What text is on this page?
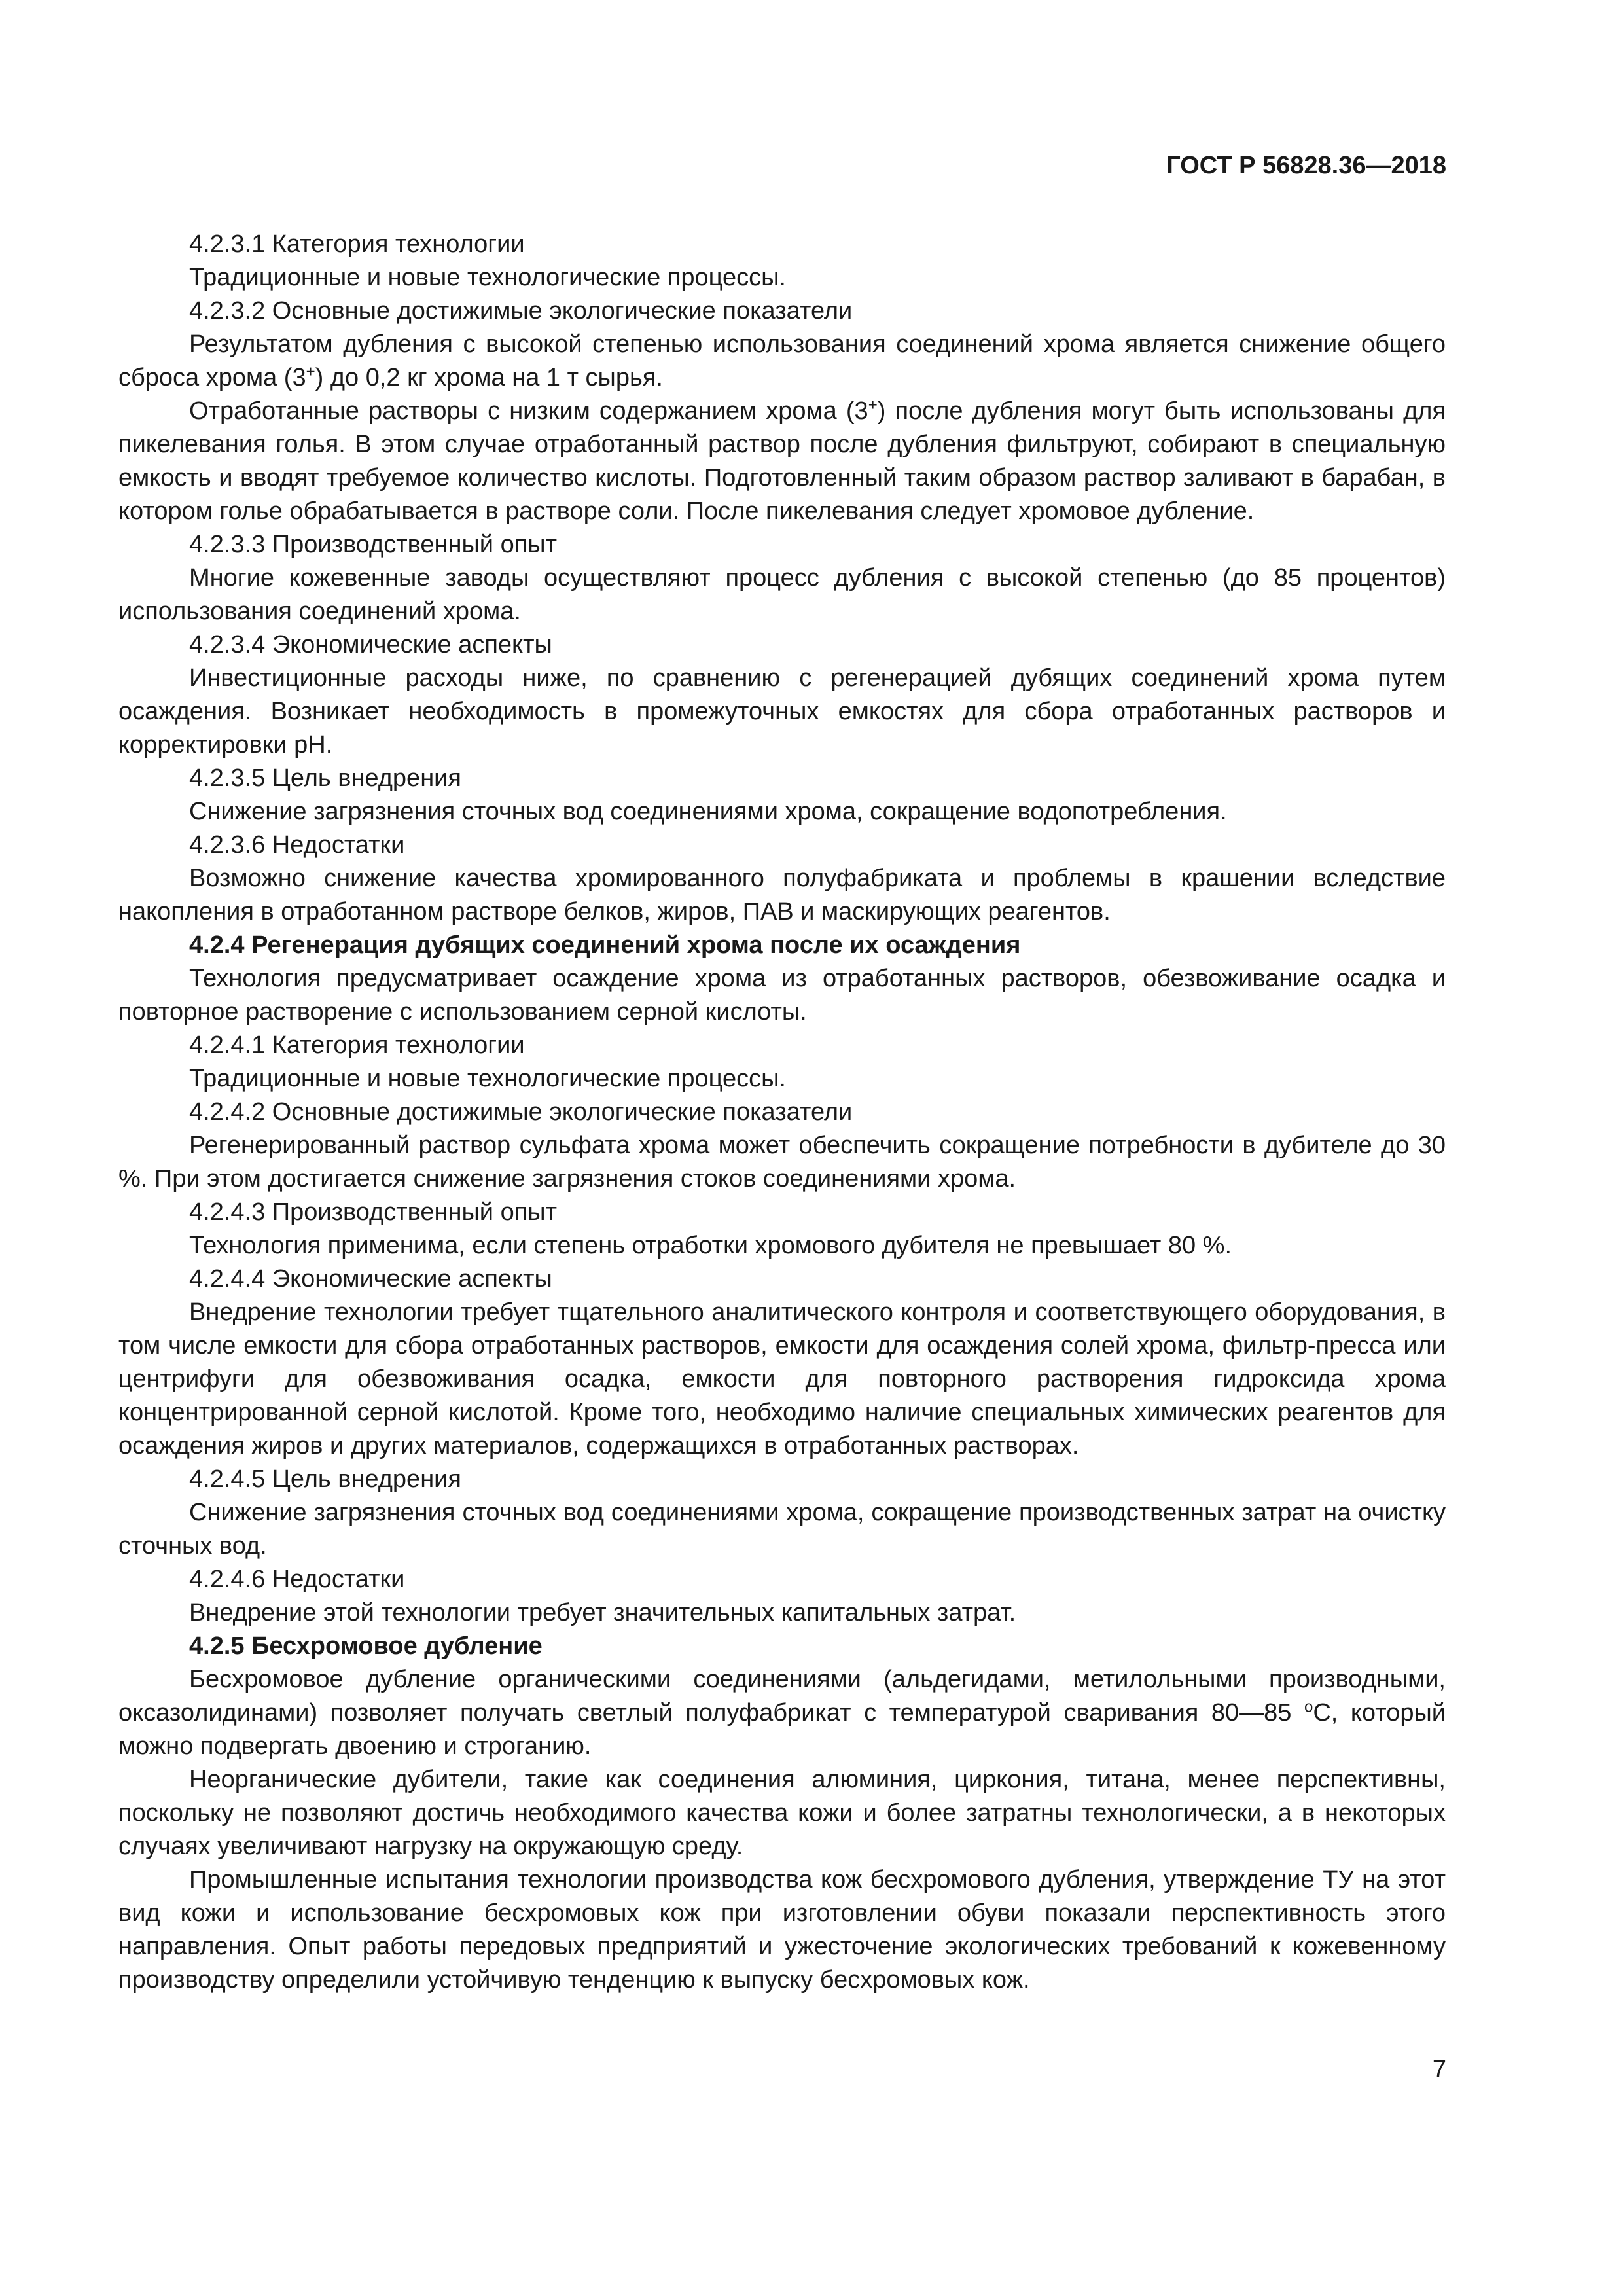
ГОСТ Р 56828.36—2018

4.2.3.1 Категория технологии

Традиционные и новые технологические процессы.

4.2.3.2 Основные достижимые экологические показатели

Результатом дубления с высокой степенью использования соединений хрома является снижение общего сброса хрома (3+) до 0,2 кг хрома на 1 т сырья.

Отработанные растворы с низким содержанием хрома (3+) после дубления могут быть использованы для пикелевания голья. В этом случае отработанный раствор после дубления фильтруют, собирают в специальную емкость и вводят требуемое количество кислоты. Подготовленный таким образом раствор заливают в барабан, в котором голье обрабатывается в растворе соли. После пикелевания следует хромовое дубление.

4.2.3.3 Производственный опыт

Многие кожевенные заводы осуществляют процесс дубления с высокой степенью (до 85 процентов) использования соединений хрома.

4.2.3.4 Экономические аспекты

Инвестиционные расходы ниже, по сравнению с регенерацией дубящих соединений хрома путем осаждения. Возникает необходимость в промежуточных емкостях для сбора отработанных растворов и корректировки pH.

4.2.3.5 Цель внедрения

Снижение загрязнения сточных вод соединениями хрома, сокращение водопотребления.

4.2.3.6 Недостатки

Возможно снижение качества хромированного полуфабриката и проблемы в крашении вследствие накопления в отработанном растворе белков, жиров, ПАВ и маскирующих реагентов.

4.2.4 Регенерация дубящих соединений хрома после их осаждения

Технология предусматривает осаждение хрома из отработанных растворов, обезвоживание осадка и повторное растворение с использованием серной кислоты.

4.2.4.1 Категория технологии

Традиционные и новые технологические процессы.

4.2.4.2 Основные достижимые экологические показатели

Регенерированный раствор сульфата хрома может обеспечить сокращение потребности в дубителе до 30 %. При этом достигается снижение загрязнения стоков соединениями хрома.

4.2.4.3 Производственный опыт

Технология применима, если степень отработки хромового дубителя не превышает 80 %.

4.2.4.4 Экономические аспекты

Внедрение технологии требует тщательного аналитического контроля и соответствующего оборудования, в том числе емкости для сбора отработанных растворов, емкости для осаждения солей хрома, фильтр-пресса или центрифуги для обезвоживания осадка, емкости для повторного растворения гидроксида хрома концентрированной серной кислотой. Кроме того, необходимо наличие специальных химических реагентов для осаждения жиров и других материалов, содержащихся в отработанных растворах.

4.2.4.5 Цель внедрения

Снижение загрязнения сточных вод соединениями хрома, сокращение производственных затрат на очистку сточных вод.

4.2.4.6 Недостатки

Внедрение этой технологии требует значительных капитальных затрат.

4.2.5 Бесхромовое дубление

Бесхромовое дубление органическими соединениями (альдегидами, метилольными производными, оксазолидинами) позволяет получать светлый полуфабрикат с температурой сваривания 80—85 $^о$С, который можно подвергать двоению и строганию.

Неорганические дубители, такие как соединения алюминия, циркония, титана, менее перспективны, поскольку не позволяют достичь необходимого качества кожи и более затратны технологически, а в некоторых случаях увеличивают нагрузку на окружающую среду.

Промышленные испытания технологии производства кож бесхромового дубления, утверждение ТУ на этот вид кожи и использование бесхромовых кож при изготовлении обуви показали перспективность этого направления. Опыт работы передовых предприятий и ужесточение экологических требований к кожевенному производству определили устойчивую тенденцию к выпуску бесхромовых кож.

7
